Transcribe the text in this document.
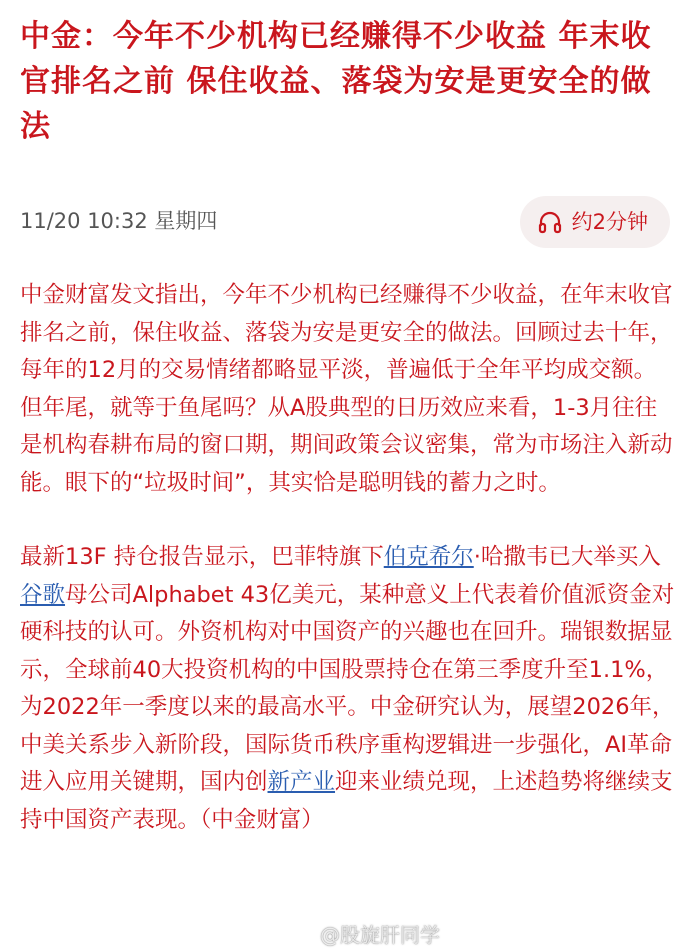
中金：今年不少机构已经赚得不少收益 年末收官排名之前 保住收益、落袋为安是更安全的做法
11/20 10:32 星期四	约2分钟

中金财富发文指出，今年不少机构已经赚得不少收益，在年末收官排名之前，保住收益、落袋为安是更安全的做法。回顾过去十年，每年的12月的交易情绪都略显平淡，普遍低于全年平均成交额。但年尾，就等于鱼尾吗？从A股典型的日历效应来看，1-3月往往是机构春耕布局的窗口期，期间政策会议密集，常为市场注入新动能。眼下的“垃圾时间”，其实恰是聪明钱的蓄力之时。

最新13F 持仓报告显示，巴菲特旗下伯克希尔·哈撒韦已大举买入谷歌母公司Alphabet 43亿美元，某种意义上代表着价值派资金对硬科技的认可。外资机构对中国资产的兴趣也在回升。瑞银数据显示，全球前40大投资机构的中国股票持仓在第三季度升至1.1%，为2022年一季度以来的最高水平。中金研究认为，展望2026年，中美关系步入新阶段，国际货币秩序重构逻辑进一步强化，AI革命进入应用关键期，国内创新产业迎来业绩兑现，上述趋势将继续支持中国资产表现。（中金财富）

@股旋肝同学
